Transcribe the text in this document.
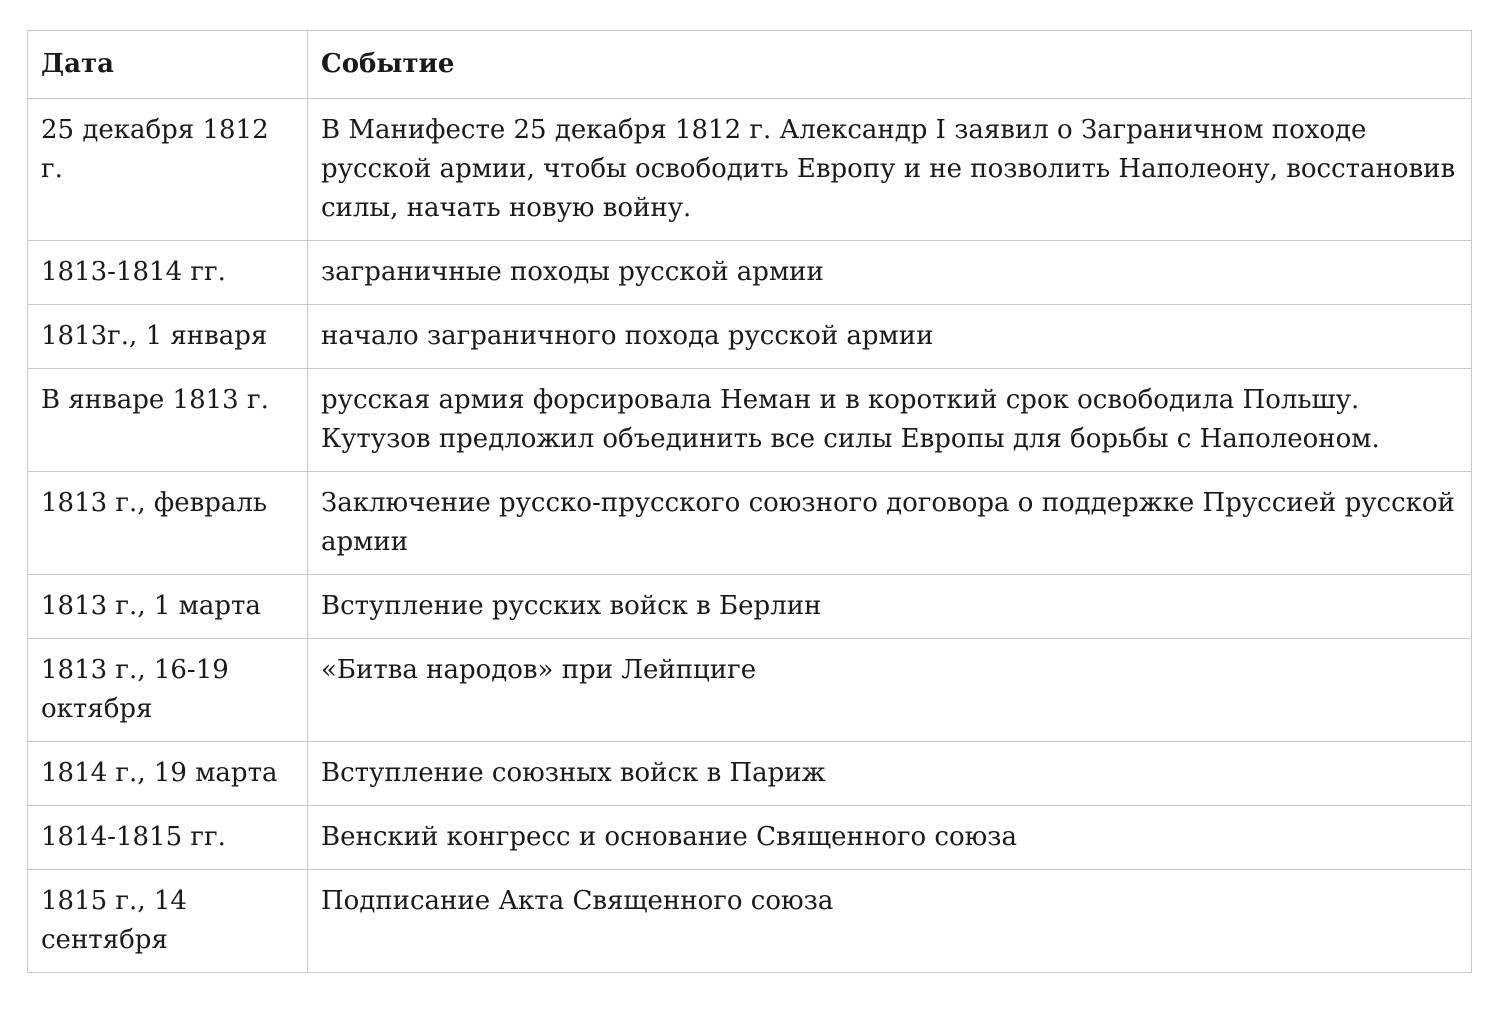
Дата	Событие
25 декабря 1812 г.	В Манифесте 25 декабря 1812 г. Александр I заявил о Заграничном походе русской армии, чтобы освободить Европу и не позволить Наполеону, восстановив силы, начать новую войну.
1813-1814 гг.	заграничные походы русской армии
1813г., 1 января	начало заграничного похода русской армии
В январе 1813 г.	русская армия форсировала Неман и в короткий срок освободила Польшу. Кутузов предложил объединить все силы Европы для борьбы с Наполеоном.
1813 г., февраль	Заключение русско-прусского союзного договора о поддержке Пруссией русской армии
1813 г., 1 марта	Вступление русских войск в Берлин
1813 г., 16-19 октября	«Битва народов» при Лейпциге
1814 г., 19 марта	Вступление союзных войск в Париж
1814-1815 гг.	Венский конгресс и основание Священного союза
1815 г., 14 сентября	Подписание Акта Священного союза
